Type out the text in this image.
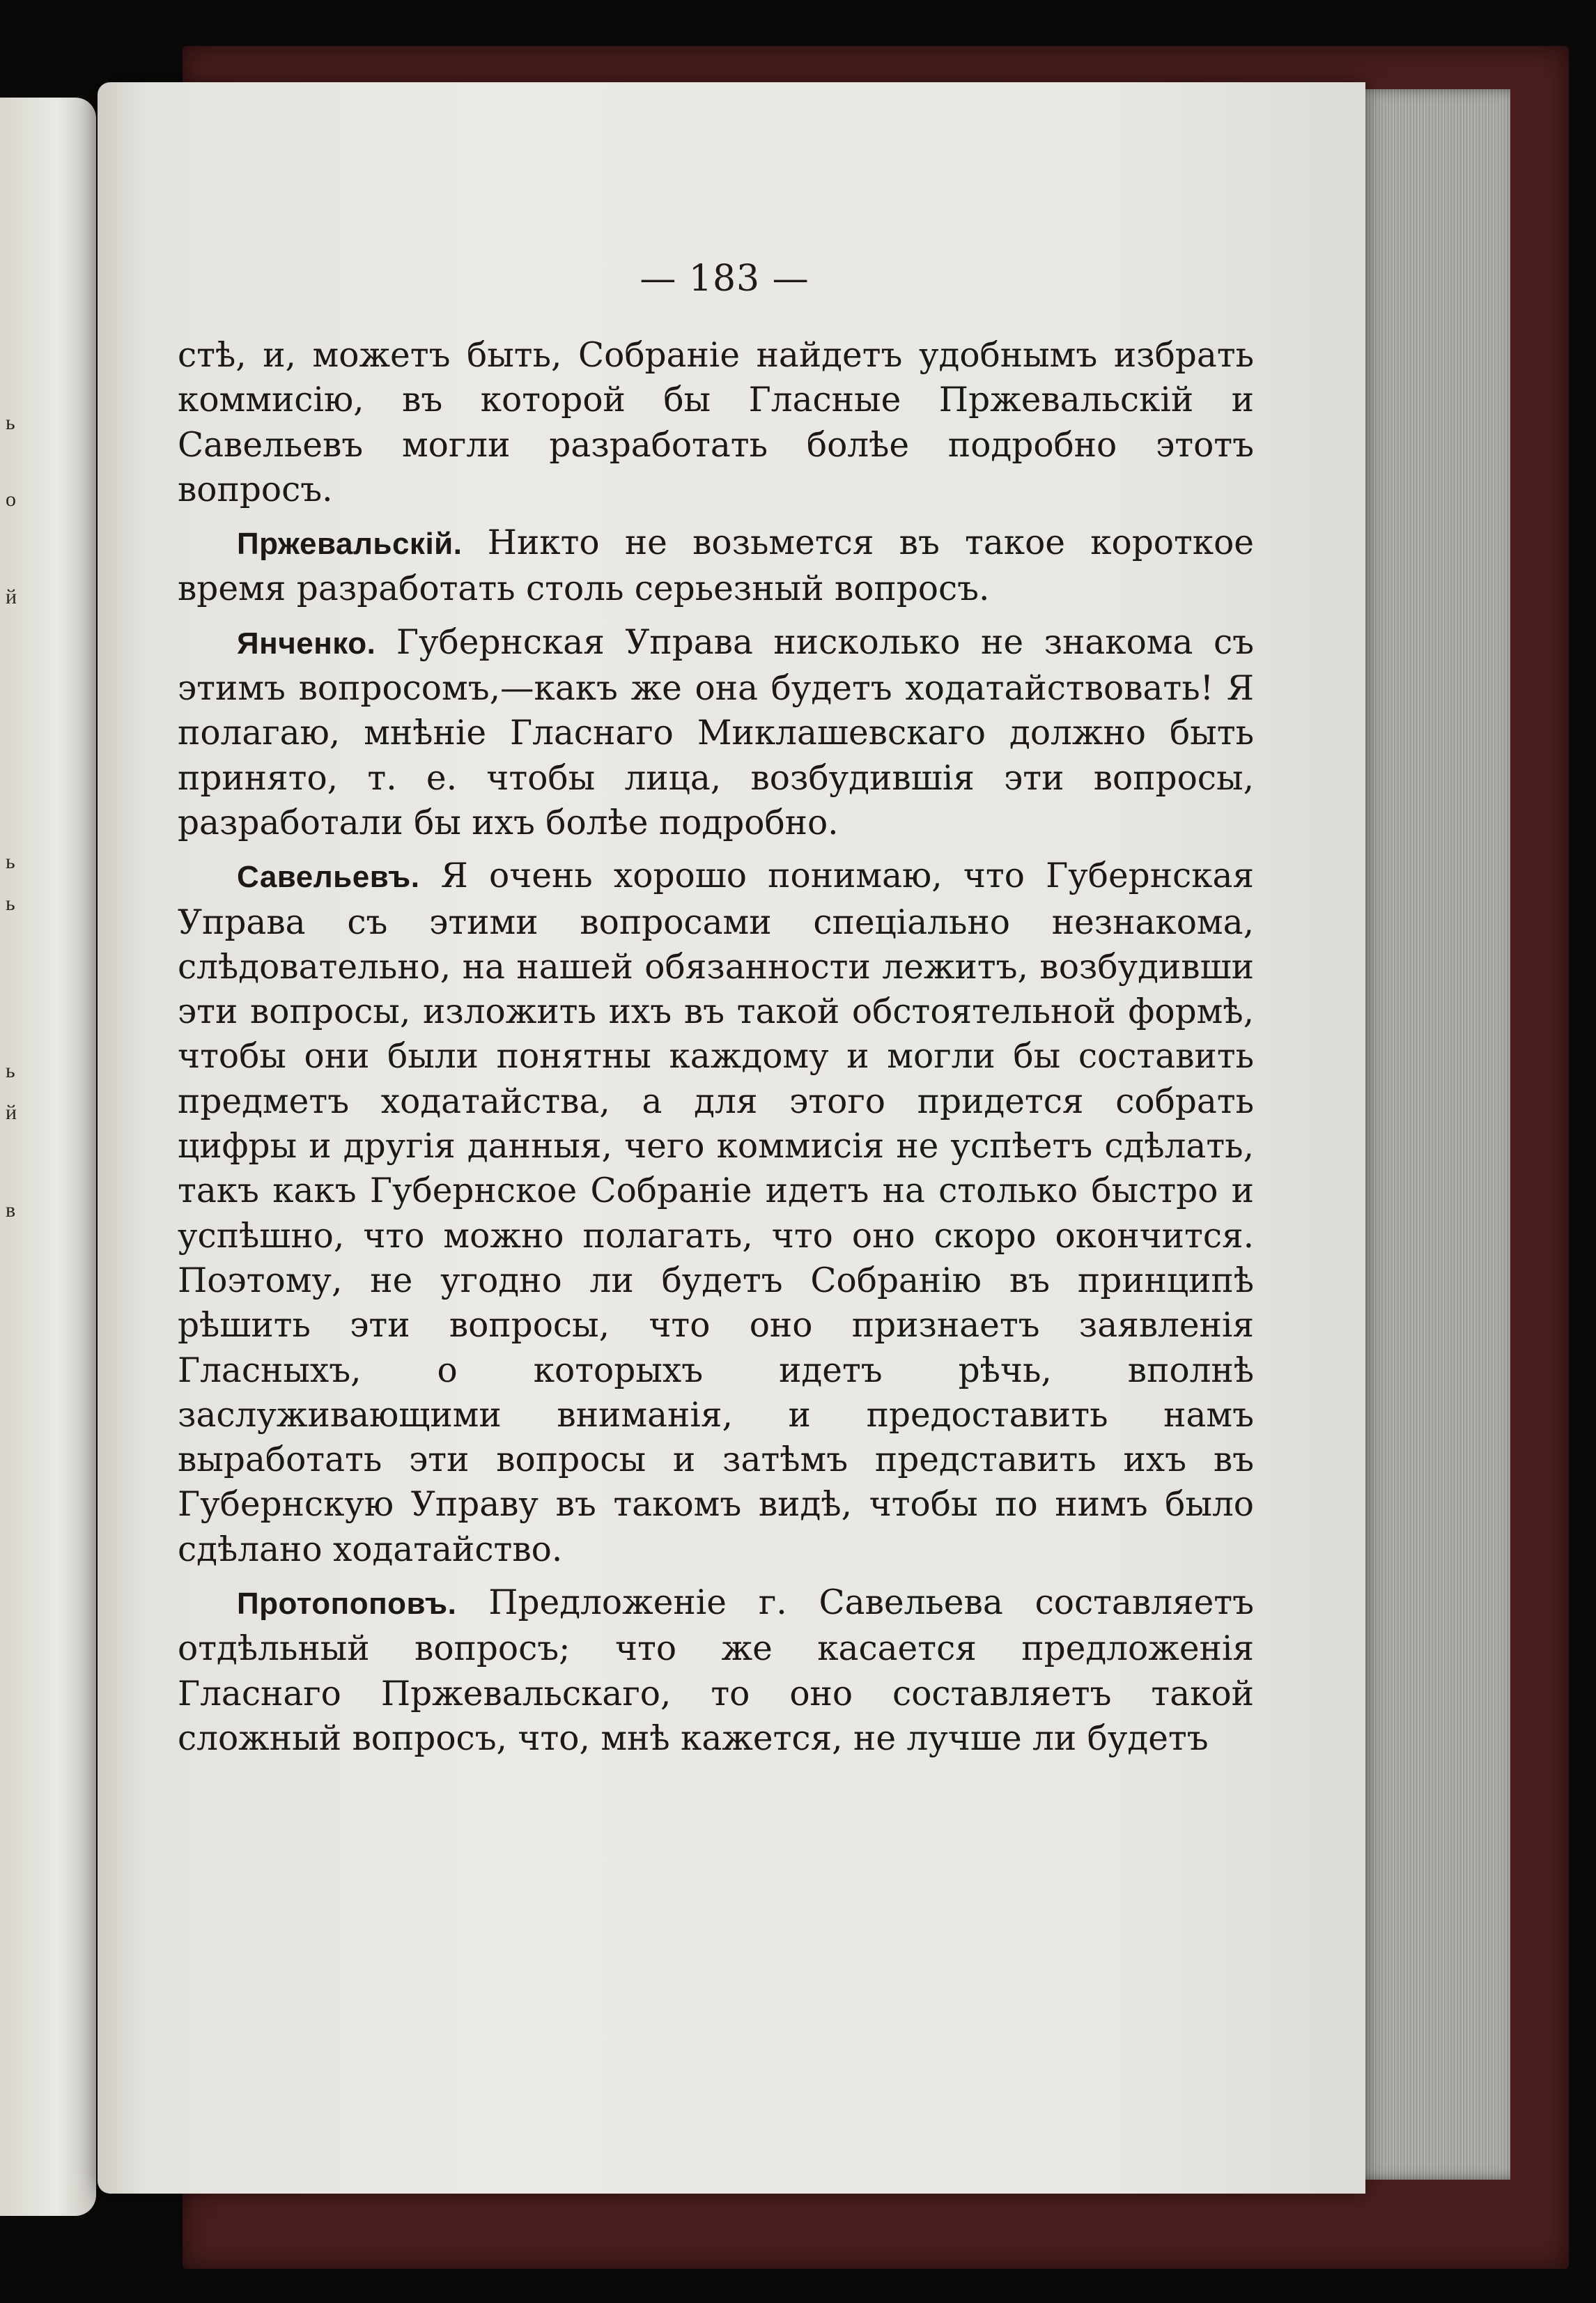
ь
о
й
ь
ь
ь
й
в
— 183 —

стѣ, и, можетъ быть, Собраніе найдетъ удобнымъ избрать коммисію, въ которой бы Гласные Пржевальскій и Савельевъ могли разработать болѣе подробно этотъ вопросъ.

Пржевальскій. Никто не возьмется въ такое короткое время разработать столь серьезный вопросъ.

Янченко. Губернская Управа нисколько не знакома съ этимъ вопросомъ,—какъ же она будетъ ходатайствовать! Я полагаю, мнѣніе Гласнаго Миклашевскаго должно быть принято, т. е. чтобы лица, возбудившія эти вопросы, разработали бы ихъ болѣе подробно.

Савельевъ. Я очень хорошо понимаю, что Губернская Управа съ этими вопросами спеціально незнакома, слѣдовательно, на нашей обязанности лежитъ, возбудивши эти вопросы, изложить ихъ въ такой обстоятельной формѣ, чтобы они были понятны каждому и могли бы составить предметъ ходатайства, а для этого придется собрать цифры и другія данныя, чего коммисія не успѣетъ сдѣлать, такъ какъ Губернское Собраніе идетъ на столько быстро и успѣшно, что можно полагать, что оно скоро окончится. Поэтому, не угодно ли будетъ Собранію въ принципѣ рѣшить эти вопросы, что оно признаетъ заявленія Гласныхъ, о которыхъ идетъ рѣчь, вполнѣ заслуживающими вниманія, и предоставить намъ выработать эти вопросы и затѣмъ представить ихъ въ Губернскую Управу въ такомъ видѣ, чтобы по нимъ было сдѣлано ходатайство.

Протопоповъ. Предложеніе г. Савельева составляетъ отдѣльный вопросъ; что же касается предложенія Гласнаго Пржевальскаго, то оно составляетъ такой сложный вопросъ, что, мнѣ кажется, не лучше ли будетъ
